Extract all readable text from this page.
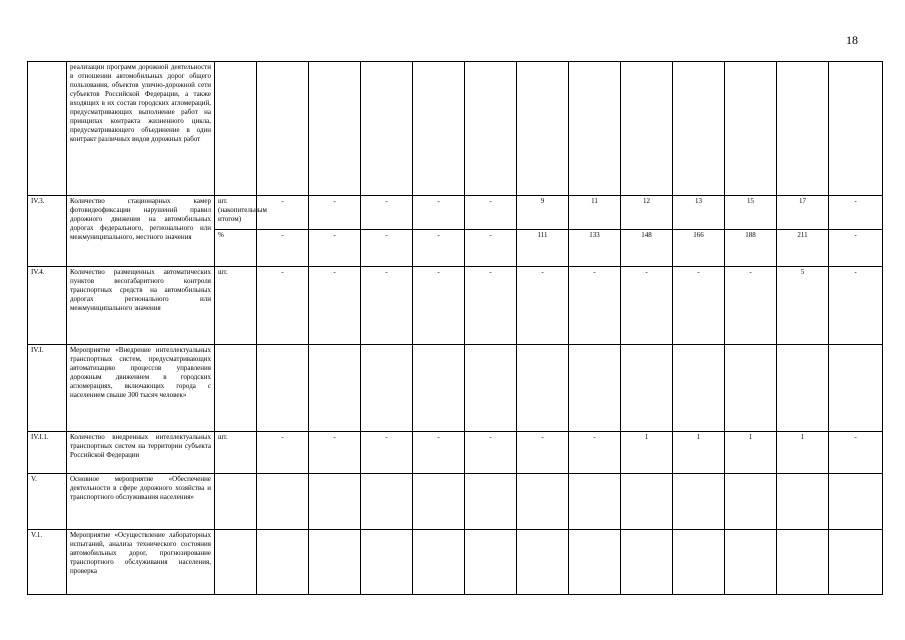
18
	реализации программ дорожной деятельности в отношении автомобильных дорог общего пользования, объектов улично-дорожной сети субъектов Российской Федерации, а также входящих в их состав городских агломераций, предусматривающих выполнение работ на принципах контракта жизненного цикла, предусматривающего объединение в один контракт различных видов дорожных работ													
IV.3.	Количество стационарных камер фотовидеофиксации нарушений правил дорожного движения на автомобильных дорогах федерального, регионального или межмуниципального, местного значения	шт. (накопительным итогом)	-	-	-	-	-	9	11	12	13	15	17	-
		%	-	-	-	-	-	111	133	148	166	188	211	-
IV.4.	Количество размещенных автоматических пунктов весогабаритного контроля транспортных средств на автомобильных дорогах регионального или межмуниципального значения	шт.	-	-	-	-	-	-	-	-	-	-	5	-
IV.I.	Мероприятие «Внедрение интеллектуальных транспортных систем, предусматривающих автоматизацию процессов управления дорожным движением в городских агломерациях, включающих города с населением свыше 300 тысяч человек»													
IV.I.1.	Количество внедренных интеллектуальных транспортных систем на территории субъекта Российской Федерации	шт.	-	-	-	-	-	-	-	1	1	1	1	-
V.	Основное мероприятие «Обеспечение деятельности в сфере дорожного хозяйства и транспортного обслуживания населения»													
V.1.	Мероприятие «Осуществление лабораторных испытаний, анализа технического состояния автомобильных дорог, прогнозирование транспортного обслуживания населения, проверка													
